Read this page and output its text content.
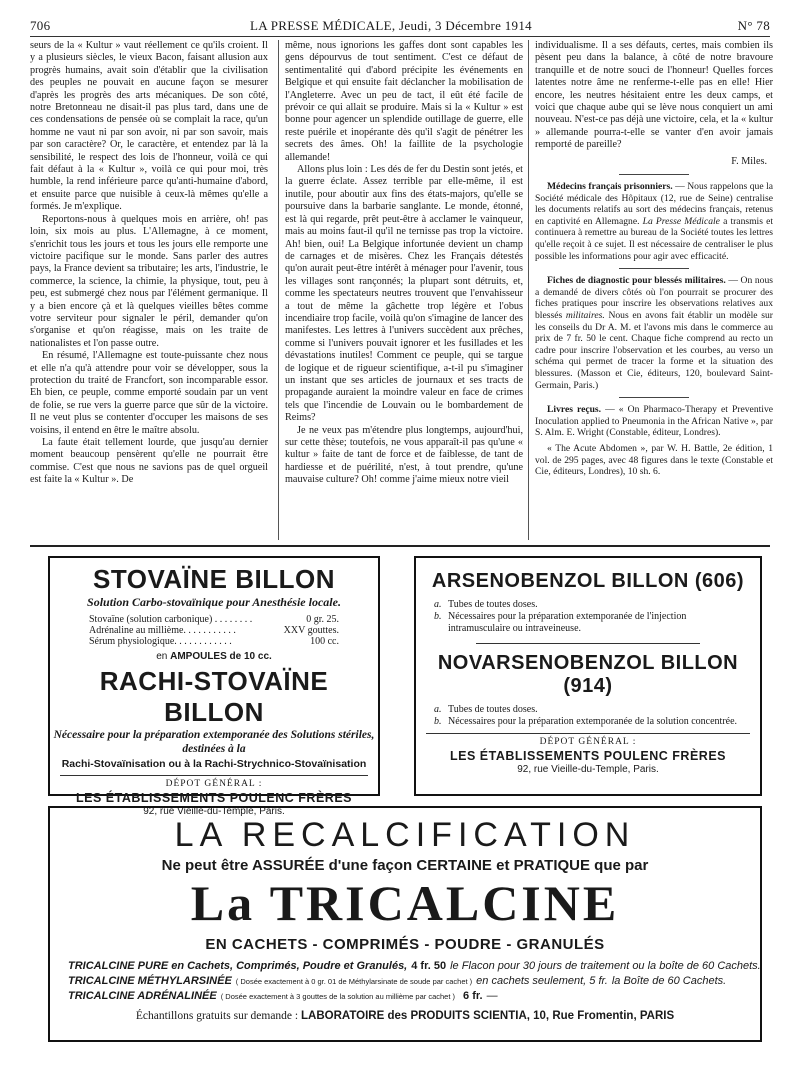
706	LA PRESSE MÉDICALE, Jeudi, 3 Décembre 1914	N° 78

seurs de la « Kultur » vaut réellement ce qu'ils croient. Il y a plusieurs siècles, le vieux Bacon, faisant allusion aux progrès humains, avait soin d'établir que la civilisation des peuples ne pouvait en aucune façon se mesurer d'après les progrès des arts mécaniques. De son côté, notre Bretonneau ne disait-il pas plus tard, dans une de ces condensations de pensée où se complait la race, qu'un homme ne vaut ni par son avoir, ni par son savoir, mais par son caractère? Or, le caractère, et entendez par là la sensibilité, le respect des lois de l'honneur, voilà ce qui fait défaut à la « Kultur », voilà ce qui pour moi, très humble, la rend inférieure parce qu'anti-humaine d'abord, et ensuite parce que nuisible à ceux-là mêmes qu'elle a formés. Je m'explique.

Reportons-nous à quelques mois en arrière, oh! pas loin, six mois au plus. L'Allemagne, à ce moment, s'enrichit tous les jours et tous les jours elle remporte une victoire pacifique sur le monde. Sans parler des autres pays, la France devient sa tributaire; les arts, l'industrie, le commerce, la science, la chimie, la physique, tout, peu à peu, est submergé chez nous par l'élément germanique. Il y a bien encore çà et là quelques vieilles bêtes comme votre serviteur pour signaler le péril, demander qu'on s'organise et qu'on réagisse, mais on les traite de nationalistes et l'on passe outre.

En résumé, l'Allemagne est toute-puissante chez nous et elle n'a qu'à attendre pour voir se développer, sous la protection du traité de Francfort, son incomparable essor. Eh bien, ce peuple, comme emporté soudain par un vent de folie, se rue vers la guerre parce que sûr de la victoire. Il ne veut plus se contenter d'occuper les maisons de ses voisins, il entend en être le maître absolu.

La faute était tellement lourde, que jusqu'au dernier moment beaucoup pensèrent qu'elle ne pourrait être commise. C'est que nous ne savions pas de quel orgueil est faite la « Kultur ». De

même, nous ignorions les gaffes dont sont capables les gens dépourvus de tout sentiment. C'est ce défaut de sentimentalité qui d'abord précipite les événements en Belgique et qui ensuite fait déclancher la mobilisation de l'Angleterre. Avec un peu de tact, il eût été facile de prévoir ce qui allait se produire. Mais si la « Kultur » est bonne pour agencer un splendide outillage de guerre, elle reste puérile et inopérante dès qu'il s'agit de pénétrer les secrets des âmes. Oh! la faillite de la psychologie allemande!

Allons plus loin : Les dés de fer du Destin sont jetés, et la guerre éclate. Assez terrible par elle-même, il est inutile, pour aboutir aux fins des états-majors, qu'elle se poursuive dans la barbarie sanglante. Le monde, étonné, est là qui regarde, prêt peut-être à acclamer le vainqueur, mais au moins faut-il qu'il ne ternisse pas trop la victoire. Ah! bien, oui! La Belgique infortunée devient un champ de carnages et de misères. Chez les Français détestés qu'on aurait peut-être intérêt à ménager pour l'avenir, tous les villages sont rançonnés; la plupart sont détruits, et, comme les spectateurs neutres trouvent que l'envahisseur a tout de même la gâchette trop légère et l'obus incendiaire trop facile, voilà qu'on s'imagine de lancer des manifestes. Les lettres à l'univers succèdent aux prêches, comme si l'univers pouvait ignorer et les fusillades et les dévastations inutiles! Comment ce peuple, qui se targue de logique et de rigueur scientifique, a-t-il pu s'imaginer un instant que ses articles de journaux et ses tracts de propagande auraient la moindre valeur en face de crimes tels que l'incendie de Louvain ou le bombardement de Reims?

Je ne veux pas m'étendre plus longtemps, aujourd'hui, sur cette thèse; toutefois, ne vous apparaît-il pas qu'une « kultur » faite de tant de force et de faiblesse, de tant de hardiesse et de puérilité, n'est, à tout prendre, qu'une mauvaise culture? Oh! comme j'aime mieux notre vieil

individualisme. Il a ses défauts, certes, mais combien ils pèsent peu dans la balance, à côté de notre bravoure tranquille et de notre souci de l'honneur! Quelles forces latentes notre âme ne renferme-t-elle pas en elle! Hier encore, les neutres hésitaient entre les deux camps, et voici que chaque aube qui se lève nous conquiert un ami nouveau. N'est-ce pas déjà une victoire, cela, et la « kultur » allemande pourra-t-elle se vanter d'en avoir jamais remporté de pareille?

F. Miles.

Médecins français prisonniers. — Nous rappelons que la Société médicale des Hôpitaux (12, rue de Seine) centralise les documents relatifs au sort des médecins français, retenus en captivité en Allemagne. La Presse Médicale a transmis et continuera à remettre au bureau de la Société toutes les lettres qu'elle reçoit à ce sujet. Il est nécessaire de centraliser le plus possible les informations pour agir avec efficacité.

Fiches de diagnostic pour blessés militaires. — On nous a demandé de divers côtés où l'on pourrait se procurer des fiches pratiques pour inscrire les observations relatives aux blessés militaires. Nous en avons fait établir un modèle sur les conseils du Dr A. M. et l'avons mis dans le commerce au prix de 7 fr. 50 le cent. Chaque fiche comprend au recto un cadre pour inscrire l'observation et les courbes, au verso un schéma qui permet de tracer la forme et la situation des blessures. (Masson et Cie, éditeurs, 120, boulevard Saint-Germain, Paris.)

Livres reçus. — « On Pharmaco-Therapy et Preventive Inoculation applied to Pneumonia in the African Native », par S. Alm. E. Wright (Constable, éditeur, Londres).

« The Acute Abdomen », par W. H. Battle, 2e édition, 1 vol. de 295 pages, avec 48 figures dans le texte (Constable et Cie, éditeurs, Londres), 10 sh. 6.

STOVAÏNE BILLON
Solution Carbo-stovaïnique pour Anesthésie locale.
Stovaïne (solution carbonique) . . . . . . . .	0 gr. 25.
Adrénaline au millième. . . . . . . . . . .	XXV gouttes.
Sérum physiologique. . . . . . . . . . . .	100 cc.
en AMPOULES de 10 cc.
RACHI-STOVAÏNE BILLON
Nécessaire pour la préparation extemporanée des Solutions stériles, destinées à la
Rachi-Stovaïnisation ou à la Rachi-Strychnico-Stovaïnisation
DÉPOT GÉNÉRAL :
LES ÉTABLISSEMENTS POULENC FRÈRES
92, rue Vieille-du-Temple, Paris.
ARSENOBENZOL BILLON (606)
a. Tubes de toutes doses.
b. Nécessaires pour la préparation extemporanée de l'injection intramusculaire ou intraveineuse.
NOVARSENOBENZOL BILLON (914)
a. Tubes de toutes doses.
b. Nécessaires pour la préparation extemporanée de la solution concentrée.
DÉPOT GÉNÉRAL :
LES ÉTABLISSEMENTS POULENC FRÈRES
92, rue Vieille-du-Temple, Paris.
LA RECALCIFICATION
Ne peut être ASSURÉE d'une façon CERTAINE et PRATIQUE que par
La TRICALCINE
EN CACHETS - COMPRIMÉS - POUDRE - GRANULÉS
TRICALCINE PURE en Cachets, Comprimés, Poudre et Granulés, 4 fr. 50 le Flacon pour 30 jours de traitement ou la boîte de 60 Cachets.
TRICALCINE MÉTHYLARSINÉE ( Dosée exactement à 0 gr. 01 de Méthylarsinate de soude par cachet ) en cachets seulement, 5 fr. la Boîte de 60 Cachets.
TRICALCINE ADRÉNALINÉE ( Dosée exactement à 3 gouttes de la solution au millième par cachet ) 6 fr. —
Échantillons gratuits sur demande : LABORATOIRE des PRODUITS SCIENTIA, 10, Rue Fromentin, PARIS
